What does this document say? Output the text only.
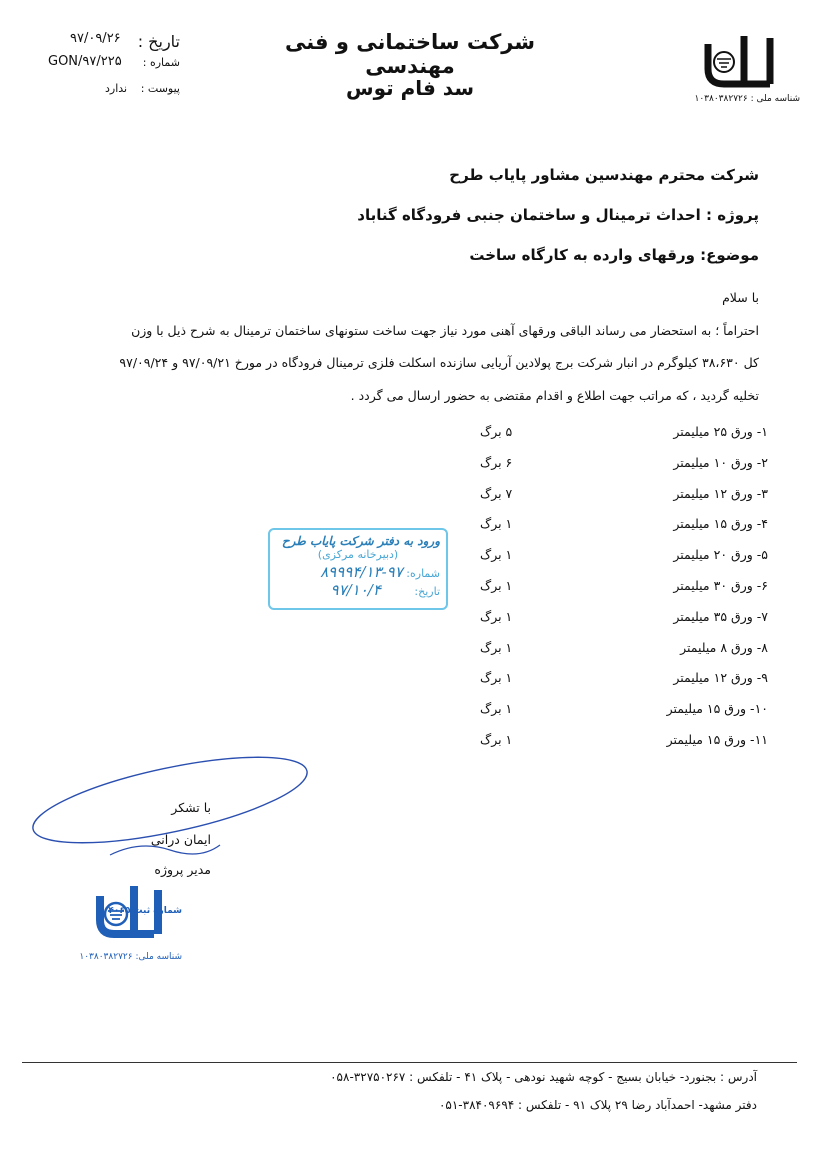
شرکت ساختمانی و فنی مهندسی
سد فام توس
تاریخ :
۹۷/۰۹/۲۶
شماره :
GON/۹۷/۲۲۵
پیوست :
ندارد
شناسه ملی : ۱۰۳۸۰۳۸۲۷۲۶
شرکت محترم مهندسین مشاور پایاب طرح
پروژه : احداث ترمینال و ساختمان جنبی فرودگاه گناباد
موضوع: ورقهای وارده به کارگاه ساخت
با سلام
احتراماً ؛ به استحضار می رساند الباقی ورقهای آهنی مورد نیاز جهت ساخت ستونهای ساختمان ترمینال به شرح ذیل با وزن
کل ۳۸،۶۳۰ کیلوگرم در انبار شرکت برج پولادین آریایی سازنده اسکلت فلزی ترمینال فرودگاه در مورخ ۹۷/۰۹/۲۱ و ۹۷/۰۹/۲۴
تخلیه گردید ، که مراتب جهت اطلاع و اقدام مقتضی به حضور ارسال می گردد .
۱- ورق ۲۵ میلیمتر
۵ برگ
۲- ورق ۱۰ میلیمتر
۶ برگ
۳- ورق ۱۲ میلیمتر
۷ برگ
۴- ورق ۱۵ میلیمتر
۱ برگ
۵- ورق ۲۰ میلیمتر
۱ برگ
۶- ورق ۳۰ میلیمتر
۱ برگ
۷- ورق ۳۵ میلیمتر
۱ برگ
۸- ورق ۸ میلیمتر
۱ برگ
۹- ورق ۱۲ میلیمتر
۱ برگ
۱۰- ورق ۱۵ میلیمتر
۱ برگ
۱۱- ورق ۱۵ میلیمتر
۱ برگ
ورود به دفتر شرکت پایاب طرح
(دبیرخانه مرکزی)
شماره: ۹۷-۸۹۹۹۴/۱۳
تاریخ: ۹۷/۱۰/۴
با تشکر
ایمان درانی
مدیر پروژه
شماره ثبت ۴۰۶۵
شناسه ملی: ۱۰۳۸۰۳۸۲۷۲۶
آدرس : بجنورد- خیابان بسیج - کوچه شهید نودهی - پلاک ۴۱ - تلفکس : ۳۲۷۵۰۲۶۷-۰۵۸
دفتر مشهد- احمدآباد رضا ۲۹ پلاک ۹۱ - تلفکس : ۳۸۴۰۹۶۹۴-۰۵۱
